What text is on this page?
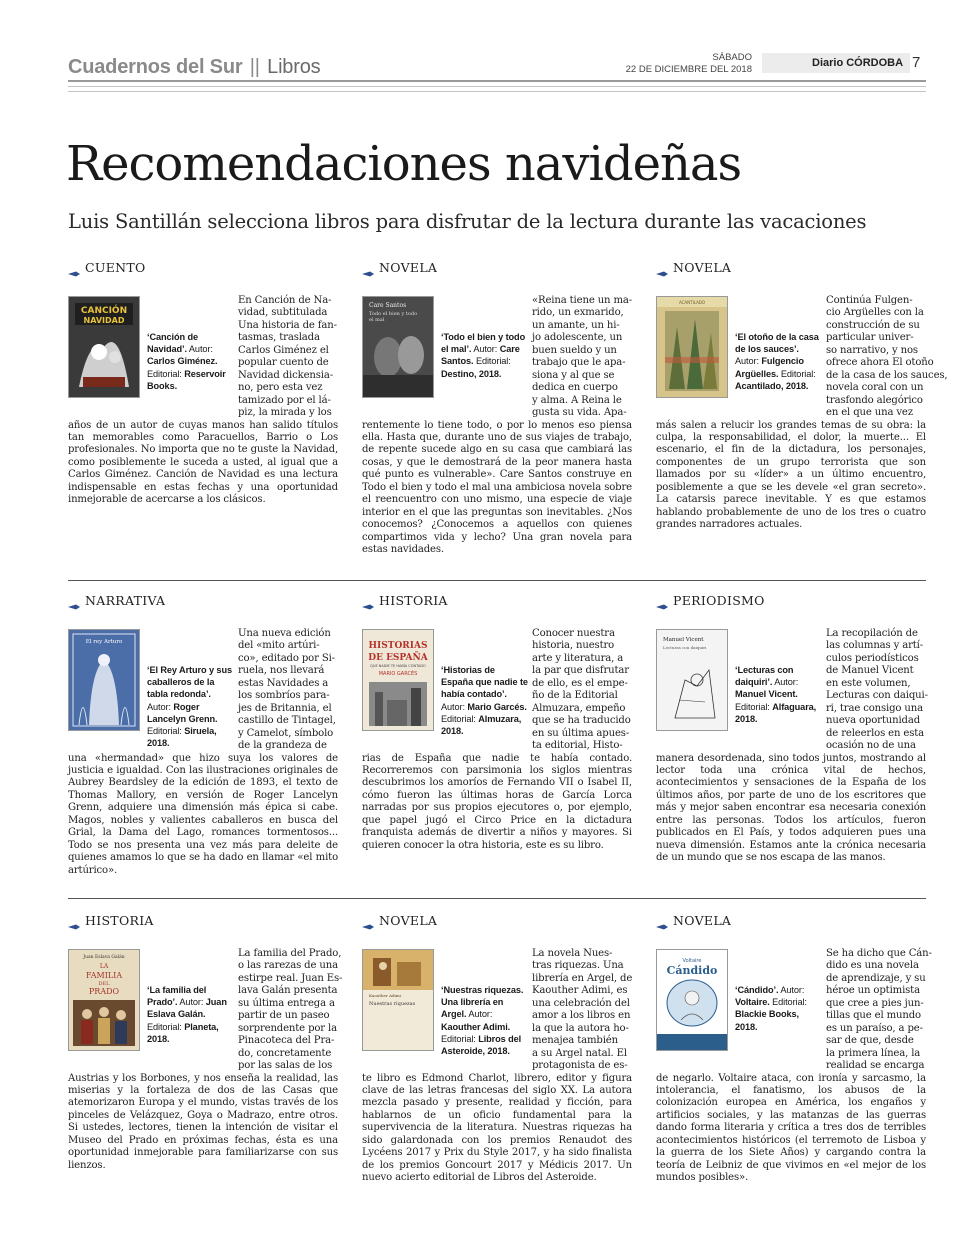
Cuadernos del Sur || Libros	SÁBADO
22 DE DICIEMBRE DEL 2018
Diario CÓRDOBA 7
Recomendaciones navideñas
Luis Santillán selecciona libros para disfrutar de la lectura durante las vacaciones
CUENTO
CANCIÓN
NAVIDAD
‘Canción de Navidad’. Autor: Carlos Giménez. Editorial: Reservoir Books.
En Canción de Na-
vidad, subtitulada
Una historia de fan-
tasmas, traslada
Carlos Giménez el
popular cuento de
Navidad dickensia-
no, pero esta vez
tamizado por el lá-
piz, la mirada y los
años de un autor de cuyas manos han salido títulos tan memorables como Paracuellos, Barrio o Los profesionales. No importa que no te guste la Navidad, como posiblemente le suceda a usted, al igual que a Carlos Giménez. Canción de Navidad es una lectura indispensable en estas fechas y una oportunidad inmejorable de acercarse a los clásicos.
NOVELA
Care Santos
Todo el bien y todo
el mal
‘Todo el bien y todo el mal’. Autor: Care Santos. Editorial: Destino, 2018.
«Reina tiene un ma-
rido, un exmarido,
un amante, un hi-
jo adolescente, un
buen sueldo y un
trabajo que le apa-
siona y al que se
dedica en cuerpo
y alma. A Reina le
gusta su vida. Apa-
rentemente lo tiene todo, o por lo menos eso piensa ella. Hasta que, durante uno de sus viajes de trabajo, de repente sucede algo en su casa que cambiará las cosas, y que le demostrará de la peor manera hasta qué punto es vulnerable». Care Santos construye en Todo el bien y todo el mal una ambiciosa novela sobre el reencuentro con uno mismo, una especie de viaje interior en el que las preguntas son inevitables. ¿Nos conocemos? ¿Conocemos a aquellos con quienes compartimos vida y lecho? Una gran novela para estas navidades.
NOVELA
ACANTILADO
‘El otoño de la casa de los sauces’. Autor: Fulgencio Argüelles. Editorial: Acantilado, 2018.
Continúa Fulgen-
cio Argüelles con la
construcción de su
particular univer-
so narrativo, y nos
ofrece ahora El otoño
de la casa de los sauces,
novela coral con un
trasfondo alegórico
en el que una vez
más salen a relucir los grandes temas de su obra: la culpa, la responsabilidad, el dolor, la muerte... El escenario, el fin de la dictadura, los personajes, componentes de un grupo terrorista que son llamados por su «líder» a un último encuentro, posiblemente a que se les devele «el gran secreto». La catarsis parece inevitable. Y es que estamos hablando probablemente de uno de los tres o cuatro grandes narradores actuales.
NARRATIVA
El rey Arturo
‘El Rey Arturo y sus caballeros de la tabla redonda’. Autor: Roger Lancelyn Grenn. Editorial: Siruela, 2018.
Una nueva edición
del «mito artúri-
co», editado por Si-
ruela, nos llevará
estas Navidades a
los sombríos para-
jes de Britannia, el
castillo de Tintagel,
y Camelot, símbolo
de la grandeza de
una «hermandad» que hizo suya los valores de justicia e igualdad. Con las ilustraciones originales de Aubrey Beardsley de la edición de 1893, el texto de Thomas Mallory, en versión de Roger Lancelyn Grenn, adquiere una dimensión más épica si cabe. Magos, nobles y valientes caballeros en busca del Grial, la Dama del Lago, romances tormentosos... Todo se nos presenta una vez más para deleite de quienes amamos lo que se ha dado en llamar «el mito artúrico».
HISTORIA
HISTORIAS
DE ESPAÑA
QUE NADIE TE HABÍA CONTADO
MARIO GARCÉS	‘Historias de España que nadie te había contado’. Autor: Mario Garcés. Editorial: Almuzara, 2018.
Conocer nuestra
historia, nuestro
arte y literatura, a
la par que disfrutar
de ello, es el empe-
ño de la Editorial
Almuzara, empeño
que se ha traducido
en su última apues-
ta editorial, Histo-
rias de España que nadie te había contado. Recorreremos con parsimonia los siglos mientras descubrimos los amoríos de Fernando VII o Isabel II, cómo fueron las últimas horas de García Lorca narradas por sus propios ejecutores o, por ejemplo, que papel jugó el Circo Price en la dictadura franquista además de divertir a niños y mayores. Si quieren conocer la otra historia, este es su libro.
PERIODISMO
Manuel Vicent
Lecturas con daiquiri
‘Lecturas con daiquiri’. Autor: Manuel Vicent. Editorial: Alfaguara, 2018.
La recopilación de
las columnas y artí-
culos periodísticos
de Manuel Vicent
en este volumen,
Lecturas con daiqui-
ri, trae consigo una
nueva oportunidad
de releerlos en esta
ocasión no de una
manera desordenada, sino todos juntos, mostrando al lector toda una crónica vital de hechos, acontecimientos y sensaciones de la España de los últimos años, por parte de uno de los escritores que más y mejor saben encontrar esa necesaria conexión entre las personas. Todos los artículos, fueron publicados en El País, y todos adquieren pues una nueva dimensión. Estamos ante la crónica necesaria de un mundo que se nos escapa de las manos.
HISTORIA
Juan Eslava Galán
LA
FAMILIA
DEL
PRADO	‘La familia del Prado’. Autor: Juan Eslava Galán. Editorial: Planeta, 2018.
La familia del Prado,
o las rarezas de una
estirpe real. Juan Es-
lava Galán presenta
su última entrega a
partir de un paseo
sorprendente por la
Pinacoteca del Pra-
do, concretamente
por las salas de los
Austrias y los Borbones, y nos enseña la realidad, las miserias y la fortaleza de dos de las Casas que atemorizaron Europa y el mundo, vistas través de los pinceles de Velázquez, Goya o Madrazo, entre otros. Si ustedes, lectores, tienen la intención de visitar el Museo del Prado en próximas fechas, ésta es una oportunidad inmejorable para familiarizarse con sus lienzos.
NOVELA
Kaouther Adimi
Nuestras riquezas
‘Nuestras riquezas. Una librería en Argel. Autor: Kaouther Adimi. Editorial: Libros del Asteroide, 2018.
La novela Nues-
tras riquezas. Una
librería en Argel, de
Kaouther Adimi, es
una celebración del
amor a los libros en
la que la autora ho-
menajea también
a su Argel natal. El
protagonista de es-
te libro es Edmond Charlot, librero, editor y figura clave de las letras francesas del siglo XX. La autora mezcla pasado y presente, realidad y ficción, para hablarnos de un oficio fundamental para la supervivencia de la literatura. Nuestras riquezas ha sido galardonada con los premios Renaudot des Lycéens 2017 y Prix du Style 2017, y ha sido finalista de los premios Goncourt 2017 y Médicis 2017. Un nuevo acierto editorial de Libros del Asteroide.
NOVELA
Voltaire
Cándido
‘Cándido’. Autor: Voltaire. Editorial: Blackie Books, 2018.
Se ha dicho que Cán-
dido es una novela
de aprendizaje, y su
héroe un optimista
que cree a pies jun-
tillas que el mundo
es un paraíso, a pe-
sar de que, desde
la primera línea, la
realidad se encarga
de negarlo. Voltaire ataca, con ironía y sarcasmo, la intolerancia, el fanatismo, los abusos de la colonización europea en América, los engaños y artificios sociales, y las matanzas de las guerras dando forma literaria y crítica a tres dos de terribles acontecimientos históricos (el terremoto de Lisboa y la guerra de los Siete Años) y cargando contra la teoría de Leibniz de que vivimos en «el mejor de los mundos posibles».
